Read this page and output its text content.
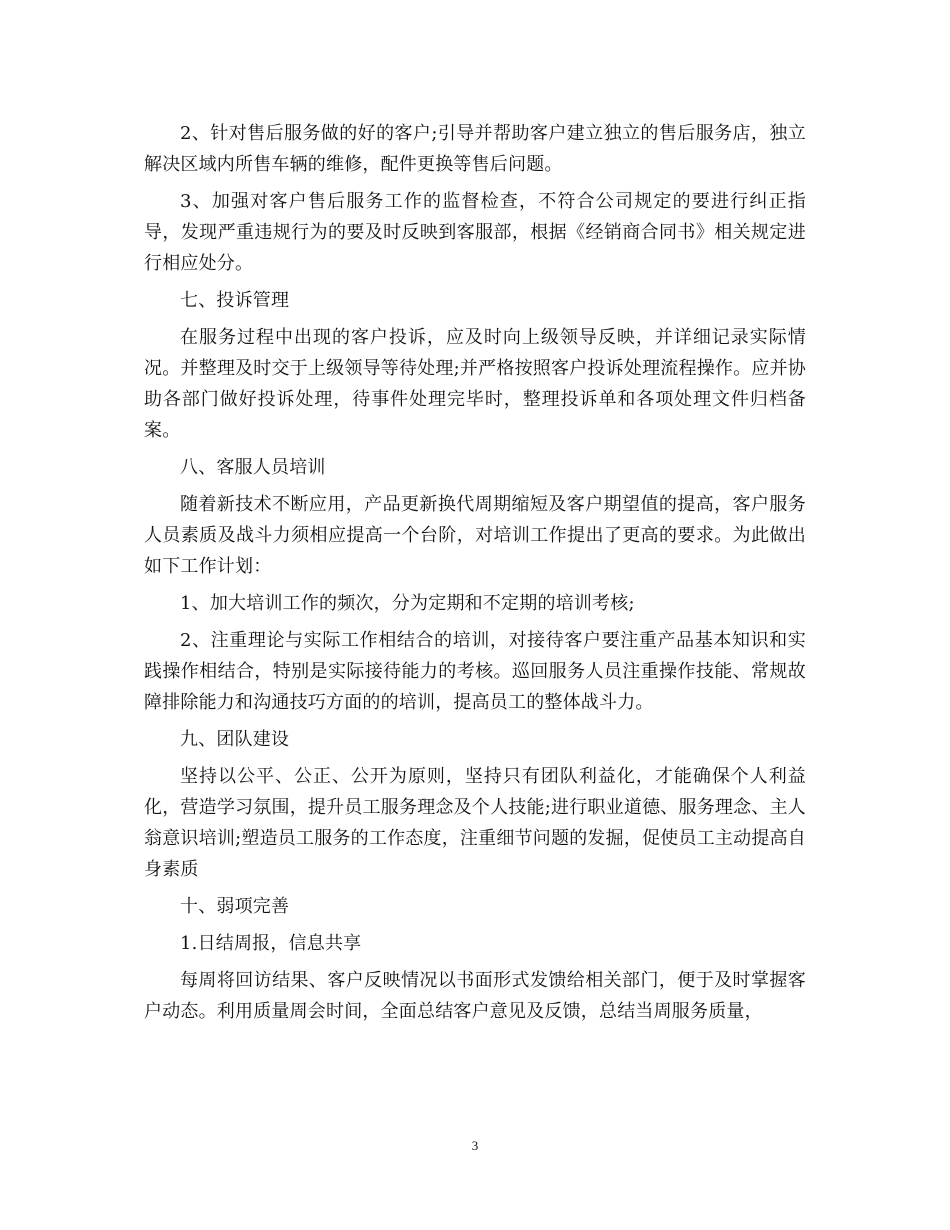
2、针对售后服务做的好的客户;引导并帮助客户建立独立的售后服务店，独立解决区域内所售车辆的维修，配件更换等售后问题。

3、加强对客户售后服务工作的监督检查，不符合公司规定的要进行纠正指导，发现严重违规行为的要及时反映到客服部，根据《经销商合同书》相关规定进行相应处分。

七、投诉管理

在服务过程中出现的客户投诉，应及时向上级领导反映，并详细记录实际情况。并整理及时交于上级领导等待处理;并严格按照客户投诉处理流程操作。应并协助各部门做好投诉处理，待事件处理完毕时，整理投诉单和各项处理文件归档备案。

八、客服人员培训

随着新技术不断应用，产品更新换代周期缩短及客户期望值的提高，客户服务人员素质及战斗力须相应提高一个台阶，对培训工作提出了更高的要求。为此做出如下工作计划：

1、加大培训工作的频次，分为定期和不定期的培训考核;

2、注重理论与实际工作相结合的培训，对接待客户要注重产品基本知识和实践操作相结合，特别是实际接待能力的考核。巡回服务人员注重操作技能、常规故障排除能力和沟通技巧方面的的培训，提高员工的整体战斗力。

九、团队建设

坚持以公平、公正、公开为原则，坚持只有团队利益化，才能确保个人利益化，营造学习氛围，提升员工服务理念及个人技能;进行职业道德、服务理念、主人翁意识培训;塑造员工服务的工作态度，注重细节问题的发掘，促使员工主动提高自身素质

十、弱项完善

1.日结周报，信息共享

每周将回访结果、客户反映情况以书面形式发馈给相关部门，便于及时掌握客户动态。利用质量周会时间，全面总结客户意见及反馈，总结当周服务质量，

3
